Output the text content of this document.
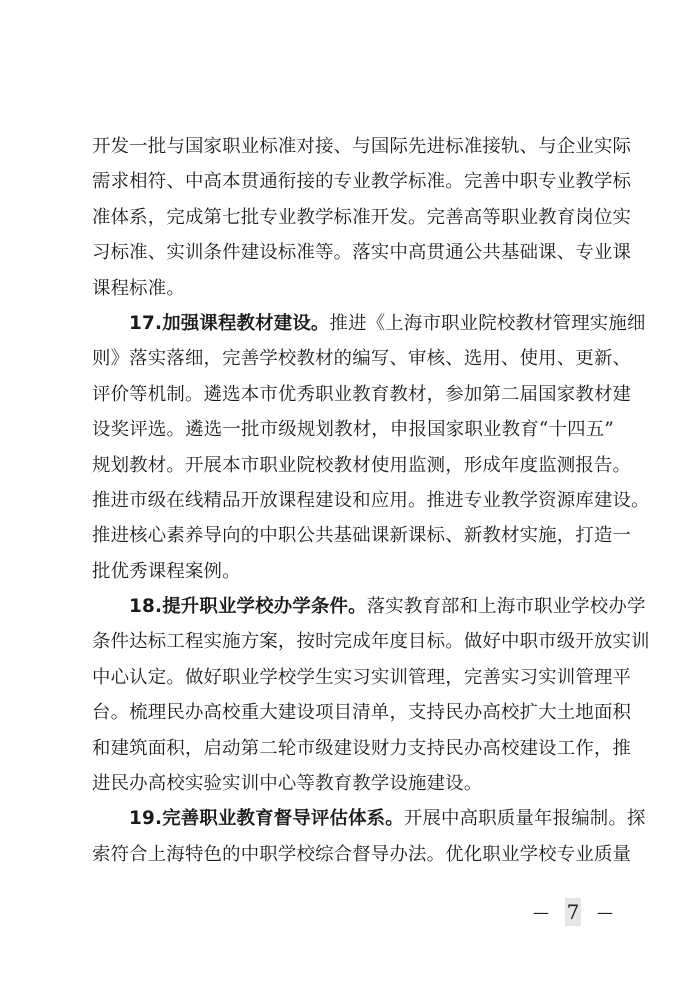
开发一批与国家职业标准对接、与国际先进标准接轨、与企业实际
需求相符、中高本贯通衔接的专业教学标准。完善中职专业教学标
准体系，完成第七批专业教学标准开发。完善高等职业教育岗位实
习标准、实训条件建设标准等。落实中高贯通公共基础课、专业课
课程标准。
17.加强课程教材建设。推进《上海市职业院校教材管理实施细
则》落实落细，完善学校教材的编写、审核、选用、使用、更新、
评价等机制。遴选本市优秀职业教育教材，参加第二届国家教材建
设奖评选。遴选一批市级规划教材，申报国家职业教育“十四五”
规划教材。开展本市职业院校教材使用监测，形成年度监测报告。
推进市级在线精品开放课程建设和应用。推进专业教学资源库建设。
推进核心素养导向的中职公共基础课新课标、新教材实施，打造一
批优秀课程案例。
18.提升职业学校办学条件。落实教育部和上海市职业学校办学
条件达标工程实施方案，按时完成年度目标。做好中职市级开放实训
中心认定。做好职业学校学生实习实训管理，完善实习实训管理平
台。梳理民办高校重大建设项目清单，支持民办高校扩大土地面积
和建筑面积，启动第二轮市级建设财力支持民办高校建设工作，推
进民办高校实验实训中心等教育教学设施建设。
19.完善职业教育督导评估体系。开展中高职质量年报编制。探
索符合上海特色的中职学校综合督导办法。优化职业学校专业质量
— 7 —
